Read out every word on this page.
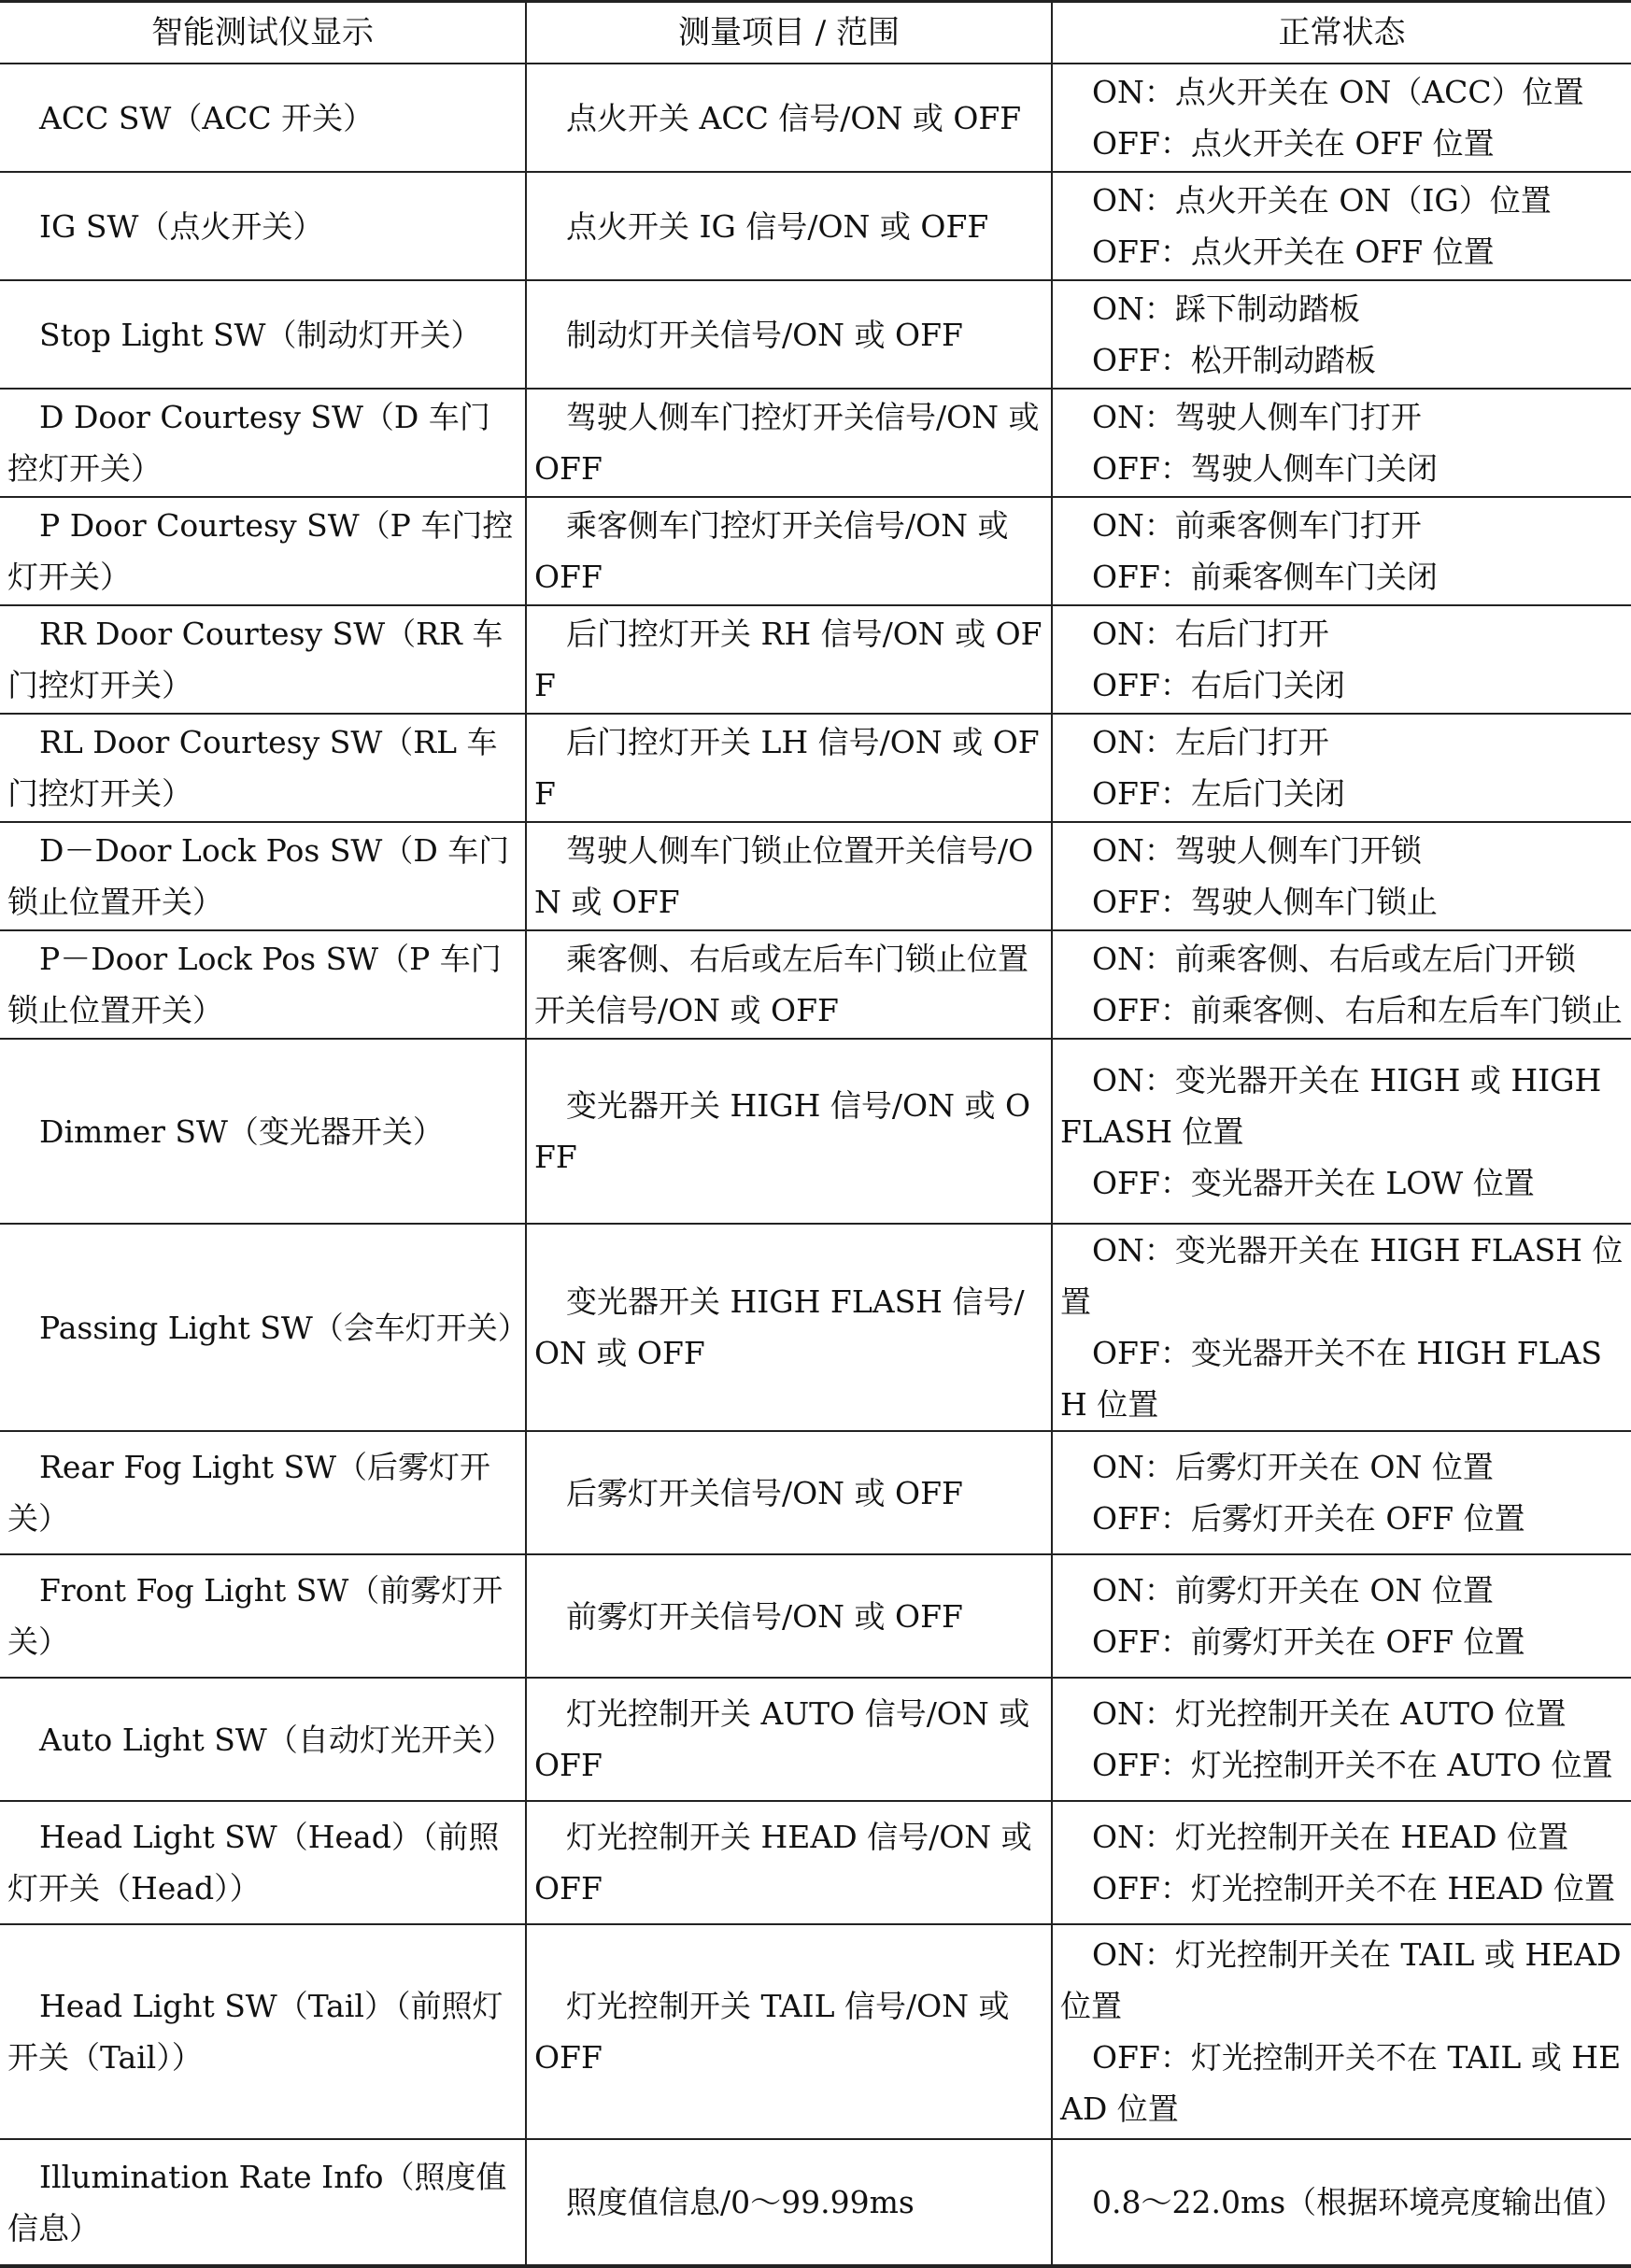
智能测试仪显示	测量项目 / 范围	正常状态

ACC SW（ACC 开关）	点火开关 ACC 信号/ON 或 OFF	ON：点火开关在 ON（ACC）位置
OFF：点火开关在 OFF 位置

IG SW（点火开关）	点火开关 IG 信号/ON 或 OFF	ON：点火开关在 ON（IG）位置
OFF：点火开关在 OFF 位置

Stop Light SW（制动灯开关）	制动灯开关信号/ON 或 OFF	ON：踩下制动踏板
OFF：松开制动踏板

D Door Courtesy SW（D 车门控灯开关）	驾驶人侧车门控灯开关信号/ON 或 OFF	ON：驾驶人侧车门打开
OFF：驾驶人侧车门关闭

P Door Courtesy SW（P 车门控灯开关）	乘客侧车门控灯开关信号/ON 或 OFF	ON：前乘客侧车门打开
OFF：前乘客侧车门关闭

RR Door Courtesy SW（RR 车门控灯开关）	后门控灯开关 RH 信号/ON 或 OFF	ON：右后门打开
OFF：右后门关闭

RL Door Courtesy SW（RL 车门控灯开关）	后门控灯开关 LH 信号/ON 或 OFF	ON：左后门打开
OFF：左后门关闭

D－Door Lock Pos SW（D 车门锁止位置开关）	驾驶人侧车门锁止位置开关信号/ON 或 OFF	ON：驾驶人侧车门开锁
OFF：驾驶人侧车门锁止

P－Door Lock Pos SW（P 车门锁止位置开关）	乘客侧、右后或左后车门锁止位置开关信号/ON 或 OFF	ON：前乘客侧、右后或左后门开锁
OFF：前乘客侧、右后和左后车门锁止

Dimmer SW（变光器开关）	变光器开关 HIGH 信号/ON 或 OFF	ON：变光器开关在 HIGH 或 HIGH FLASH 位置
OFF：变光器开关在 LOW 位置

Passing Light SW（会车灯开关）	变光器开关 HIGH FLASH 信号/ON 或 OFF	ON：变光器开关在 HIGH FLASH 位置
OFF：变光器开关不在 HIGH FLASH 位置

Rear Fog Light SW（后雾灯开关）	后雾灯开关信号/ON 或 OFF	ON：后雾灯开关在 ON 位置
OFF：后雾灯开关在 OFF 位置

Front Fog Light SW（前雾灯开关）	前雾灯开关信号/ON 或 OFF	ON：前雾灯开关在 ON 位置
OFF：前雾灯开关在 OFF 位置

Auto Light SW（自动灯光开关）	灯光控制开关 AUTO 信号/ON 或 OFF	ON：灯光控制开关在 AUTO 位置
OFF：灯光控制开关不在 AUTO 位置

Head Light SW（Head）（前照灯开关（Head））	灯光控制开关 HEAD 信号/ON 或 OFF	ON：灯光控制开关在 HEAD 位置
OFF：灯光控制开关不在 HEAD 位置

Head Light SW（Tail）（前照灯开关（Tail））	灯光控制开关 TAIL 信号/ON 或 OFF	ON：灯光控制开关在 TAIL 或 HEAD 位置
OFF：灯光控制开关不在 TAIL 或 HEAD 位置

Illumination Rate Info（照度值信息）	照度值信息/0～99.99ms	0.8～22.0ms（根据环境亮度输出值）
